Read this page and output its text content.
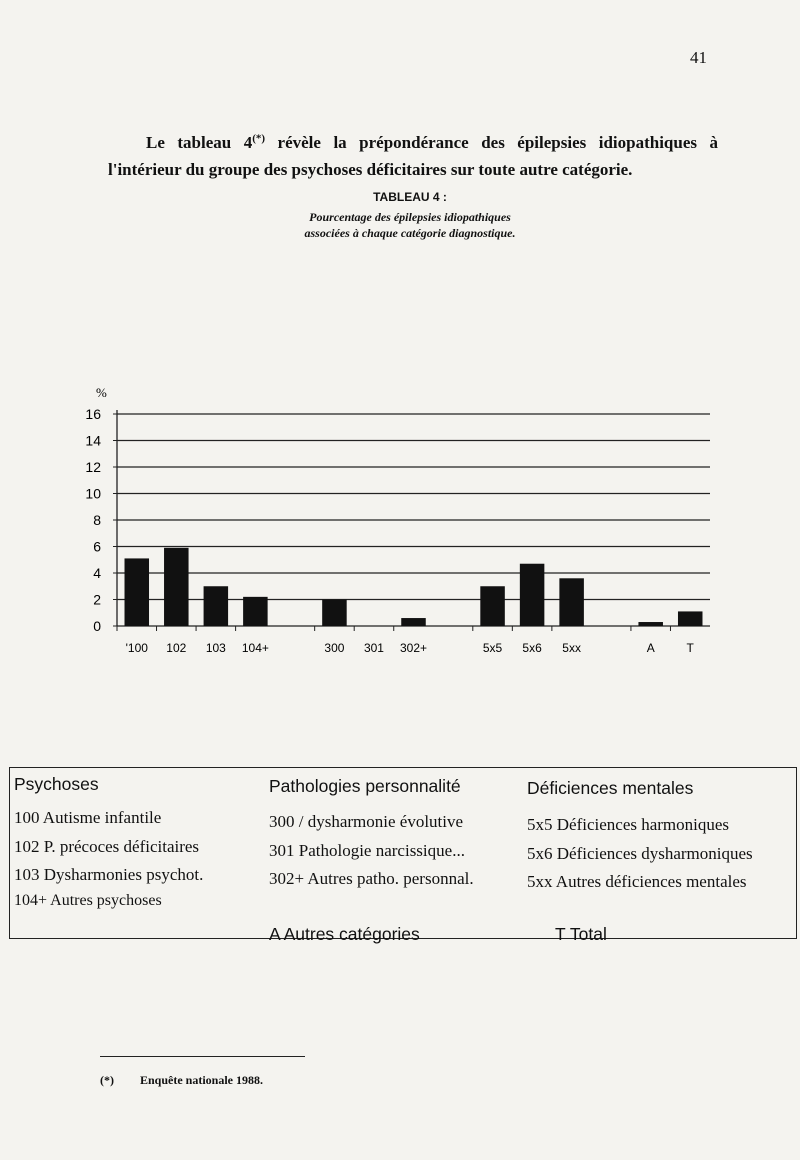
41

Le tableau 4(*) révèle la prépondérance des épilepsies idiopathiques à l'intérieur du groupe des psychoses déficitaires sur toute autre catégorie.

TABLEAU 4 :
Pourcentage des épilepsies idiopathiques
associées à chaque catégorie diagnostique.
%
0
2
4
6
8
10
12
14
16
'100 102 103 104+	300 301 302+	5x5 5x6 5xx	A	T
Psychoses
100 Autisme infantile
102 P. précoces déficitaires
103 Dysharmonies psychot.
104+ Autres psychoses
Pathologies personnalité
300 / dysharmonie évolutive
301 Pathologie narcissique...
302+ Autres patho. personnal.
Déficiences mentales
5x5 Déficiences harmoniques
5x6 Déficiences dysharmoniques
5xx Autres déficiences mentales
A Autres catégories	T Total
(*) Enquête nationale 1988.
